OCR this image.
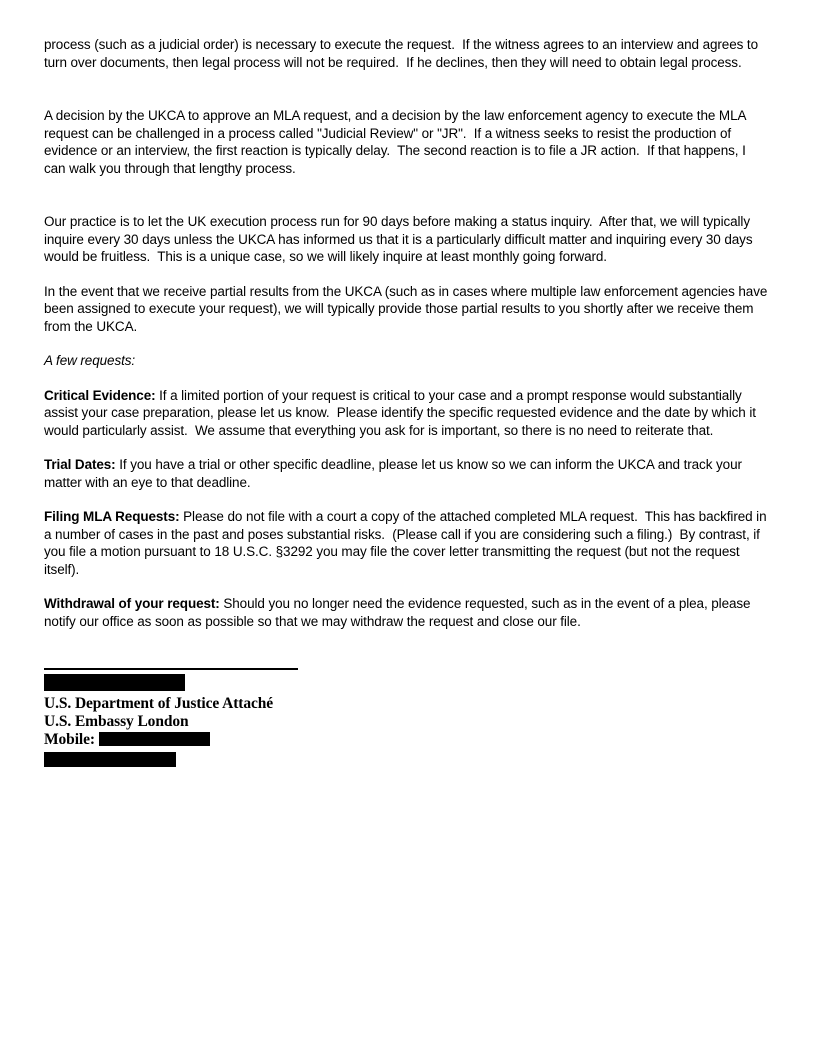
process (such as a judicial order) is necessary to execute the request.  If the witness agrees to an interview and agrees to turn over documents, then legal process will not be required.  If he declines, then they will need to obtain legal process.

A decision by the UKCA to approve an MLA request, and a decision by the law enforcement agency to execute the MLA request can be challenged in a process called "Judicial Review" or "JR".  If a witness seeks to resist the production of evidence or an interview, the first reaction is typically delay.  The second reaction is to file a JR action.  If that happens, I can walk you through that lengthy process.

Our practice is to let the UK execution process run for 90 days before making a status inquiry.  After that, we will typically inquire every 30 days unless the UKCA has informed us that it is a particularly difficult matter and inquiring every 30 days would be fruitless.  This is a unique case, so we will likely inquire at least monthly going forward.

In the event that we receive partial results from the UKCA (such as in cases where multiple law enforcement agencies have been assigned to execute your request), we will typically provide those partial results to you shortly after we receive them from the UKCA.

A few requests:

Critical Evidence: If a limited portion of your request is critical to your case and a prompt response would substantially assist your case preparation, please let us know.  Please identify the specific requested evidence and the date by which it would particularly assist.  We assume that everything you ask for is important, so there is no need to reiterate that.

Trial Dates: If you have a trial or other specific deadline, please let us know so we can inform the UKCA and track your matter with an eye to that deadline.

Filing MLA Requests: Please do not file with a court a copy of the attached completed MLA request.  This has backfired in a number of cases in the past and poses substantial risks.  (Please call if you are considering such a filing.)  By contrast, if you file a motion pursuant to 18 U.S.C. §3292 you may file the cover letter transmitting the request (but not the request itself).

Withdrawal of your request: Should you no longer need the evidence requested, such as in the event of a plea, please notify our office as soon as possible so that we may withdraw the request and close our file.

U.S. Department of Justice Attaché
U.S. Embassy London
Mobile:
